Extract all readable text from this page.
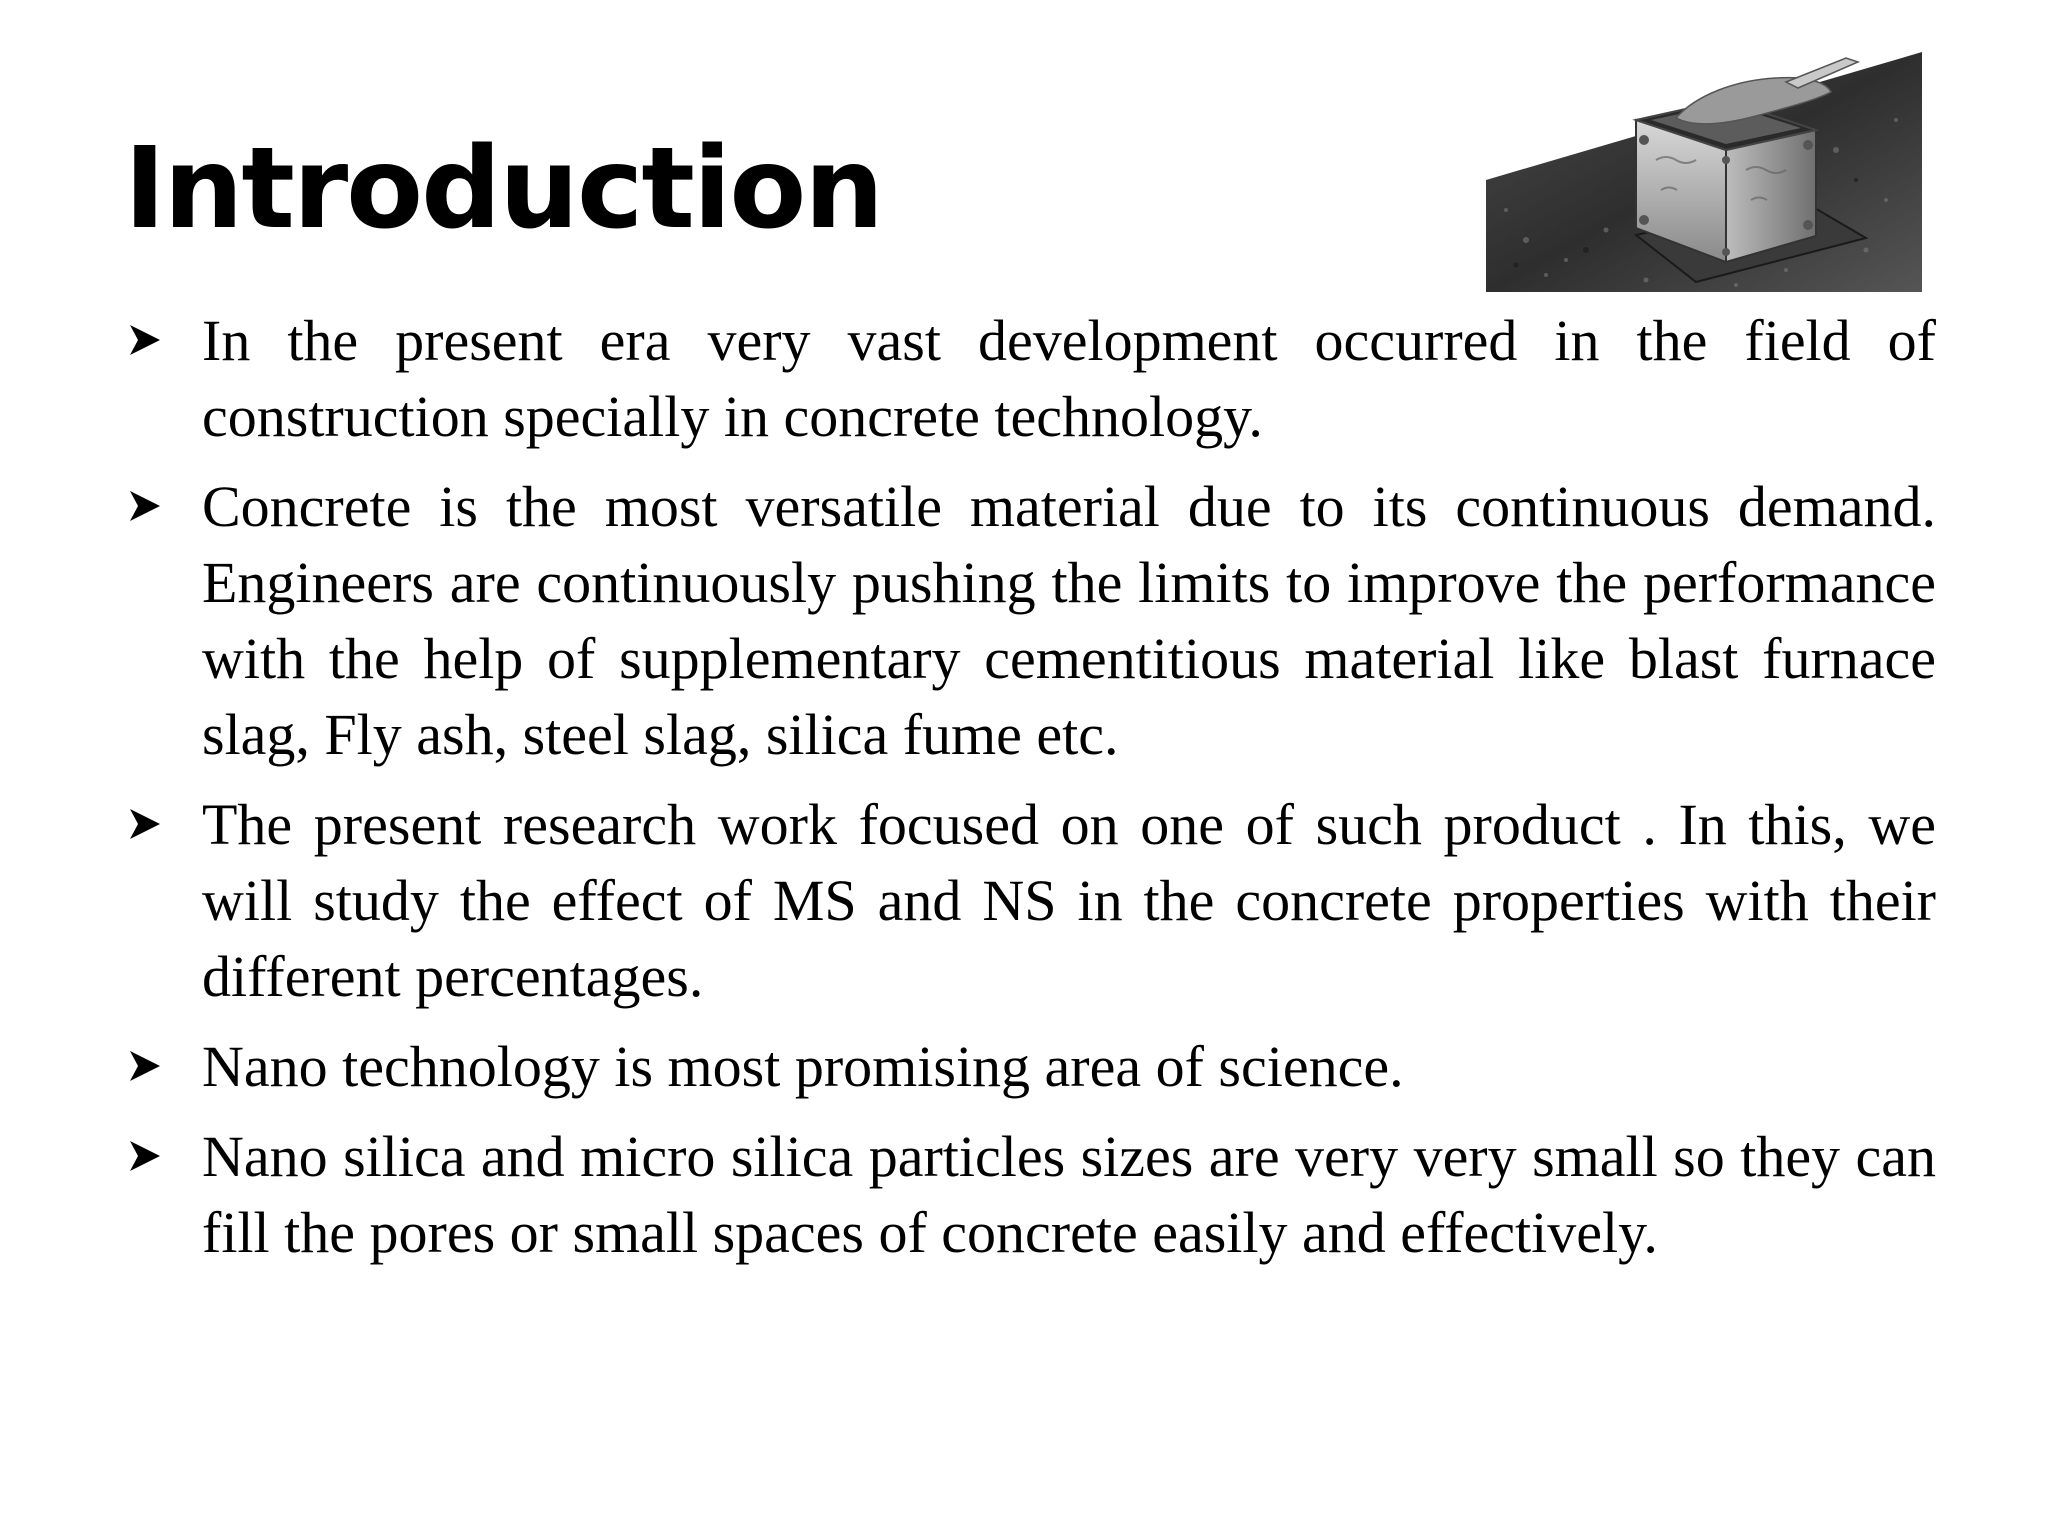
Introduction
In the present era very vast development occurred in the field of construction specially in concrete technology.
Concrete is the most versatile material due to its continuous demand. Engineers are continuously pushing the limits to improve the performance with the help of supplementary cementitious material like blast furnace slag, Fly ash, steel slag, silica fume etc.
The present research work focused on one of such product . In this, we will study the effect of MS and NS in the concrete properties with their different percentages.
Nano technology is most promising area of science.
Nano silica and micro silica particles sizes are very very small so they can fill the pores or small spaces of concrete easily and effectively.
